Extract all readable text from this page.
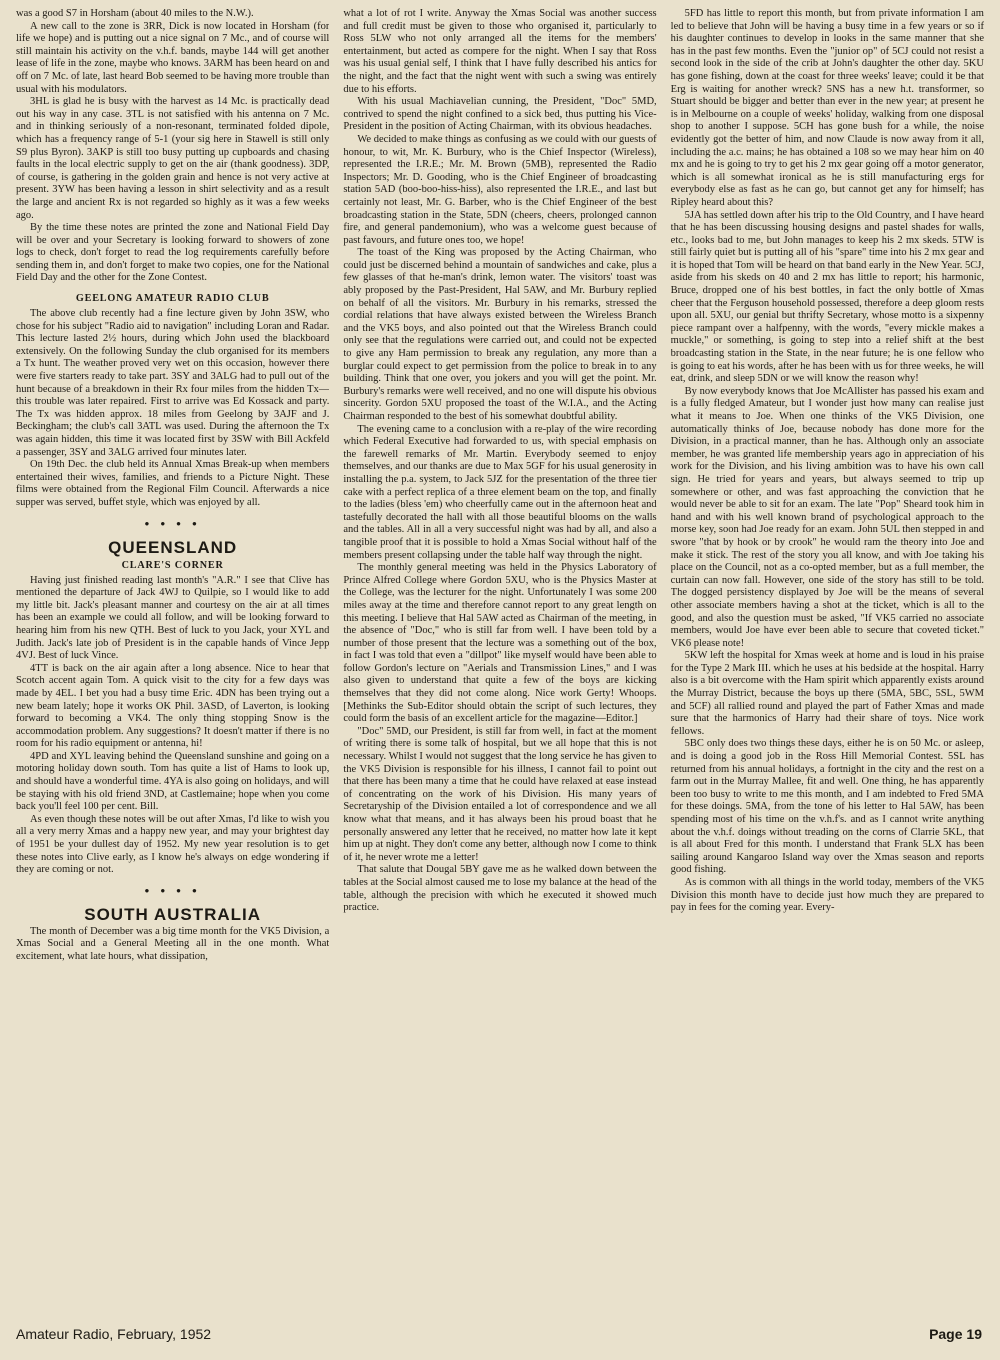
was a good S7 in Horsham (about 40 miles to the N.W.).

A new call to the zone is 3RR, Dick is now located in Horsham (for life we hope) and is putting out a nice signal on 7 Mc., and of course will still maintain his activity on the v.h.f. bands, maybe 144 will get another lease of life in the zone, maybe who knows. 3ARM has been heard on and off on 7 Mc. of late, last heard Bob seemed to be having more trouble than usual with his modulators.

3HL is glad he is busy with the harvest as 14 Mc. is practically dead out his way in any case. 3TL is not satisfied with his antenna on 7 Mc. and in thinking seriously of a non-resonant, terminated folded dipole, which has a frequency range of 5-1 (your sig here in Stawell is still only S9 plus Byron). 3AKP is still too busy putting up cupboards and chasing faults in the local electric supply to get on the air (thank goodness). 3DP, of course, is gathering in the golden grain and hence is not very active at present. 3YW has been having a lesson in shirt selectivity and as a result the large and ancient Rx is not regarded so highly as it was a few weeks ago.

By the time these notes are printed the zone and National Field Day will be over and your Secretary is looking forward to showers of zone logs to check, don't forget to read the log requirements carefully before sending them in, and don't forget to make two copies, one for the National Field Day and the other for the Zone Contest.

GEELONG AMATEUR RADIO CLUB

The above club recently had a fine lecture given by John 3SW, who chose for his subject "Radio aid to navigation" including Loran and Radar. This lecture lasted 2½ hours, during which John used the blackboard extensively. On the following Sunday the club organised for its members a Tx hunt. The weather proved very wet on this occasion, however there were five starters ready to take part. 3SY and 3ALG had to pull out of the hunt because of a breakdown in their Rx four miles from the hidden Tx—this trouble was later repaired. First to arrive was Ed Kossack and party. The Tx was hidden approx. 18 miles from Geelong by 3AJF and J. Beckingham; the club's call 3ATL was used. During the afternoon the Tx was again hidden, this time it was located first by 3SW with Bill Ackfeld a passenger, 3SY and 3ALG arrived four minutes later.

On 19th Dec. the club held its Annual Xmas Break-up when members entertained their wives, families, and friends to a Picture Night. These films were obtained from the Regional Film Council. Afterwards a nice supper was served, buffet style, which was enjoyed by all.

• • • •
QUEENSLAND
CLARE'S CORNER

Having just finished reading last month's "A.R." I see that Clive has mentioned the departure of Jack 4WJ to Quilpie, so I would like to add my little bit. Jack's pleasant manner and courtesy on the air at all times has been an example we could all follow, and will be looking forward to hearing him from his new QTH. Best of luck to you Jack, your XYL and Judith. Jack's late job of President is in the capable hands of Vince Jepp 4VJ. Best of luck Vince.

4TT is back on the air again after a long absence. Nice to hear that Scotch accent again Tom. A quick visit to the city for a few days was made by 4EL. I bet you had a busy time Eric. 4DN has been trying out a new beam lately; hope it works OK Phil. 3ASD, of Laverton, is looking forward to becoming a VK4. The only thing stopping Snow is the accommodation problem. Any suggestions? It doesn't matter if there is no room for his radio equipment or antenna, hi!

4PD and XYL leaving behind the Queensland sunshine and going on a motoring holiday down south. Tom has quite a list of Hams to look up, and should have a wonderful time. 4YA is also going on holidays, and will be staying with his old friend 3ND, at Castlemaine; hope when you come back you'll feel 100 per cent. Bill.

As even though these notes will be out after Xmas, I'd like to wish you all a very merry Xmas and a happy new year, and may your brightest day of 1951 be your dullest day of 1952. My new year resolution is to get these notes into Clive early, as I know he's always on edge wondering if they are coming or not.

• • • •
SOUTH AUSTRALIA

The month of December was a big time month for the VK5 Division, a Xmas Social and a General Meeting all in the one month. What excitement, what late hours, what dissipation,

what a lot of rot I write. Anyway the Xmas Social was another success and full credit must be given to those who organised it, particularly to Ross 5LW who not only arranged all the items for the members' entertainment, but acted as compere for the night. When I say that Ross was his usual genial self, I think that I have fully described his antics for the night, and the fact that the night went with such a swing was entirely due to his efforts.

With his usual Machiavelian cunning, the President, "Doc" 5MD, contrived to spend the night confined to a sick bed, thus putting his Vice-President in the position of Acting Chairman, with its obvious headaches.

We decided to make things as confusing as we could with our guests of honour, to wit, Mr. K. Burbury, who is the Chief Inspector (Wireless), represented the I.R.E.; Mr. M. Brown (5MB), represented the Radio Inspectors; Mr. D. Gooding, who is the Chief Engineer of broadcasting station 5AD (boo-boo-hiss-hiss), also represented the I.R.E., and last but certainly not least, Mr. G. Barber, who is the Chief Engineer of the best broadcasting station in the State, 5DN (cheers, cheers, prolonged cannon fire, and general pandemonium), who was a welcome guest because of past favours, and future ones too, we hope!

The toast of the King was proposed by the Acting Chairman, who could just be discerned behind a mountain of sandwiches and cake, plus a few glasses of that he-man's drink, lemon water. The visitors' toast was ably proposed by the Past-President, Hal 5AW, and Mr. Burbury replied on behalf of all the visitors. Mr. Burbury in his remarks, stressed the cordial relations that have always existed between the Wireless Branch and the VK5 boys, and also pointed out that the Wireless Branch could only see that the regulations were carried out, and could not be expected to give any Ham permission to break any regulation, any more than a burglar could expect to get permission from the police to break in to any building. Think that one over, you jokers and you will get the point. Mr. Burbury's remarks were well received, and no one will dispute his obvious sincerity. Gordon 5XU proposed the toast of the W.I.A., and the Acting Chairman responded to the best of his somewhat doubtful ability.

The evening came to a conclusion with a re-play of the wire recording which Federal Executive had forwarded to us, with special emphasis on the farewell remarks of Mr. Martin. Everybody seemed to enjoy themselves, and our thanks are due to Max 5GF for his usual generosity in installing the p.a. system, to Jack 5JZ for the presentation of the three tier cake with a perfect replica of a three element beam on the top, and finally to the ladies (bless 'em) who cheerfully came out in the afternoon heat and tastefully decorated the hall with all those beautiful blooms on the walls and the tables. All in all a very successful night was had by all, and also a tangible proof that it is possible to hold a Xmas Social without half of the members present collapsing under the table half way through the night.

The monthly general meeting was held in the Physics Laboratory of Prince Alfred College where Gordon 5XU, who is the Physics Master at the College, was the lecturer for the night. Unfortunately I was some 200 miles away at the time and therefore cannot report to any great length on this meeting. I believe that Hal 5AW acted as Chairman of the meeting, in the absence of "Doc," who is still far from well. I have been told by a number of those present that the lecture was a something out of the box, in fact I was told that even a "dillpot" like myself would have been able to follow Gordon's lecture on "Aerials and Transmission Lines," and I was also given to understand that quite a few of the boys are kicking themselves that they did not come along. Nice work Gerty! Whoops. [Methinks the Sub-Editor should obtain the script of such lectures, they could form the basis of an excellent article for the magazine—Editor.]

"Doc" 5MD, our President, is still far from well, in fact at the moment of writing there is some talk of hospital, but we all hope that this is not necessary. Whilst I would not suggest that the long service he has given to the VK5 Division is responsible for his illness, I cannot fail to point out that there has been many a time that he could have relaxed at ease instead of concentrating on the work of his Division. His many years of Secretaryship of the Division entailed a lot of correspondence and we all know what that means, and it has always been his proud boast that he personally answered any letter that he received, no matter how late it kept him up at night. They don't come any better, although now I come to think of it, he never wrote me a letter!

That salute that Dougal 5BY gave me as he walked down between the tables at the Social almost caused me to lose my balance at the head of the table, although the precision with which he executed it showed much practice.

5FD has little to report this month, but from private information I am led to believe that John will be having a busy time in a few years or so if his daughter continues to develop in looks in the same manner that she has in the past few months. Even the "junior op" of 5CJ could not resist a second look in the side of the crib at John's daughter the other day. 5KU has gone fishing, down at the coast for three weeks' leave; could it be that Erg is waiting for another wreck? 5NS has a new h.t. transformer, so Stuart should be bigger and better than ever in the new year; at present he is in Melbourne on a couple of weeks' holiday, walking from one disposal shop to another I suppose. 5CH has gone bush for a while, the noise evidently got the better of him, and now Claude is now away from it all, including the a.c. mains; he has obtained a 108 so we may hear him on 40 mx and he is going to try to get his 2 mx gear going off a motor generator, which is all somewhat ironical as he is still manufacturing ergs for everybody else as fast as he can go, but cannot get any for himself; has Ripley heard about this?

5JA has settled down after his trip to the Old Country, and I have heard that he has been discussing housing designs and pastel shades for walls, etc., looks bad to me, but John manages to keep his 2 mx skeds. 5TW is still fairly quiet but is putting all of his "spare" time into his 2 mx gear and it is hoped that Tom will be heard on that band early in the New Year. 5CJ, aside from his skeds on 40 and 2 mx has little to report; his harmonic, Bruce, dropped one of his best bottles, in fact the only bottle of Xmas cheer that the Ferguson household possessed, therefore a deep gloom rests upon all. 5XU, our genial but thrifty Secretary, whose motto is a sixpenny piece rampant over a halfpenny, with the words, "every mickle makes a muckle," or something, is going to step into a relief shift at the best broadcasting station in the State, in the near future; he is one fellow who is going to eat his words, after he has been with us for three weeks, he will eat, drink, and sleep 5DN or we will know the reason why!

By now everybody knows that Joe McAllister has passed his exam and is a fully fledged Amateur, but I wonder just how many can realise just what it means to Joe. When one thinks of the VK5 Division, one automatically thinks of Joe, because nobody has done more for the Division, in a practical manner, than he has. Although only an associate member, he was granted life membership years ago in appreciation of his work for the Division, and his living ambition was to have his own call sign. He tried for years and years, but always seemed to trip up somewhere or other, and was fast approaching the conviction that he would never be able to sit for an exam. The late "Pop" Sheard took him in hand and with his well known brand of psychological approach to the morse key, soon had Joe ready for an exam. John 5UL then stepped in and swore "that by hook or by crook" he would ram the theory into Joe and make it stick. The rest of the story you all know, and with Joe taking his place on the Council, not as a co-opted member, but as a full member, the curtain can now fall. However, one side of the story has still to be told. The dogged persistency displayed by Joe will be the means of several other associate members having a shot at the ticket, which is all to the good, and also the question must be asked, "If VK5 carried no associate members, would Joe have ever been able to secure that coveted ticket." VK6 please note!

5KW left the hospital for Xmas week at home and is loud in his praise for the Type 2 Mark III. which he uses at his bedside at the hospital. Harry also is a bit overcome with the Ham spirit which apparently exists around the Murray District, because the boys up there (5MA, 5BC, 5SL, 5WM and 5CF) all rallied round and played the part of Father Xmas and made sure that the harmonics of Harry had their share of toys. Nice work fellows.

5BC only does two things these days, either he is on 50 Mc. or asleep, and is doing a good job in the Ross Hill Memorial Contest. 5SL has returned from his annual holidays, a fortnight in the city and the rest on a farm out in the Murray Mallee, fit and well. One thing, he has apparently been too busy to write to me this month, and I am indebted to Fred 5MA for these doings. 5MA, from the tone of his letter to Hal 5AW, has been spending most of his time on the v.h.f's. and as I cannot write anything about the v.h.f. doings without treading on the corns of Clarrie 5KL, that is all about Fred for this month. I understand that Frank 5LX has been sailing around Kangaroo Island way over the Xmas season and reports good fishing.

As is common with all things in the world today, members of the VK5 Division this month have to decide just how much they are prepared to pay in fees for the coming year. Every-

Amateur Radio, February, 1952	Page 19
